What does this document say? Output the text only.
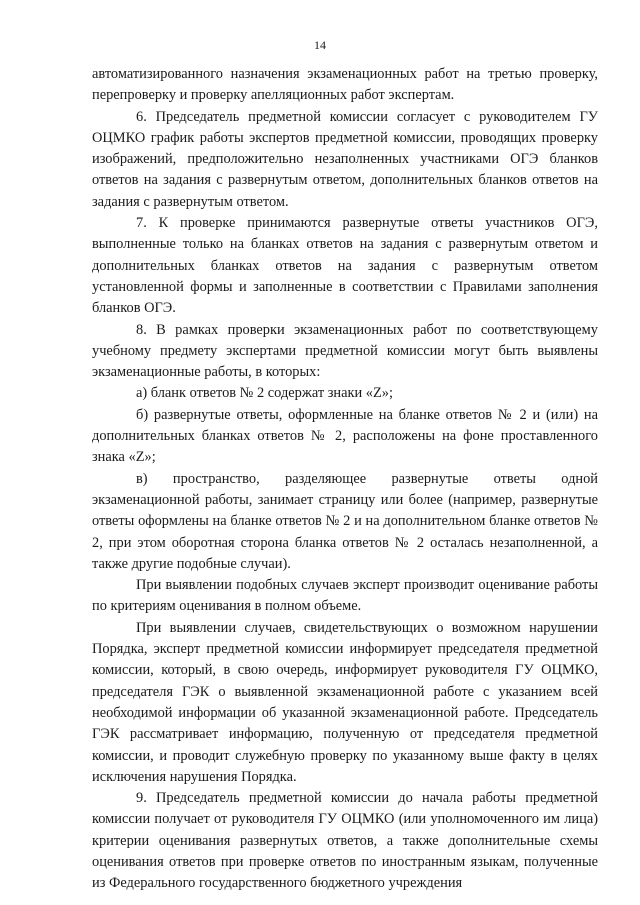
14

автоматизированного назначения экзаменационных работ на третью проверку, перепроверку и проверку апелляционных работ экспертам.

6. Председатель предметной комиссии согласует с руководителем ГУ ОЦМКО график работы экспертов предметной комиссии, проводящих проверку изображений, предположительно незаполненных участниками ОГЭ бланков ответов на задания с развернутым ответом, дополнительных бланков ответов на задания с развернутым ответом.

7. К проверке принимаются развернутые ответы участников ОГЭ, выполненные только на бланках ответов на задания с развернутым ответом и дополнительных бланках ответов на задания с развернутым ответом установленной формы и заполненные в соответствии с Правилами заполнения бланков ОГЭ.

8. В рамках проверки экзаменационных работ по соответствующему учебному предмету экспертами предметной комиссии могут быть выявлены экзаменационные работы, в которых:

а) бланк ответов № 2 содержат знаки «Z»;

б) развернутые ответы, оформленные на бланке ответов № 2 и (или) на дополнительных бланках ответов № 2, расположены на фоне проставленного знака «Z»;

в) пространство, разделяющее развернутые ответы одной экзаменационной работы, занимает страницу или более (например, развернутые ответы оформлены на бланке ответов № 2 и на дополнительном бланке ответов № 2, при этом оборотная сторона бланка ответов № 2 осталась незаполненной, а также другие подобные случаи).

При выявлении подобных случаев эксперт производит оценивание работы по критериям оценивания в полном объеме.

При выявлении случаев, свидетельствующих о возможном нарушении Порядка, эксперт предметной комиссии информирует председателя предметной комиссии, который, в свою очередь, информирует руководителя ГУ ОЦМКО, председателя ГЭК о выявленной экзаменационной работе с указанием всей необходимой информации об указанной экзаменационной работе. Председатель ГЭК рассматривает информацию, полученную от председателя предметной комиссии, и проводит служебную проверку по указанному выше факту в целях исключения нарушения Порядка.

9. Председатель предметной комиссии до начала работы предметной комиссии получает от руководителя ГУ ОЦМКО (или уполномоченного им лица) критерии оценивания развернутых ответов, а также дополнительные схемы оценивания ответов при проверке ответов по иностранным языкам, полученные из Федерального государственного бюджетного учреждения
